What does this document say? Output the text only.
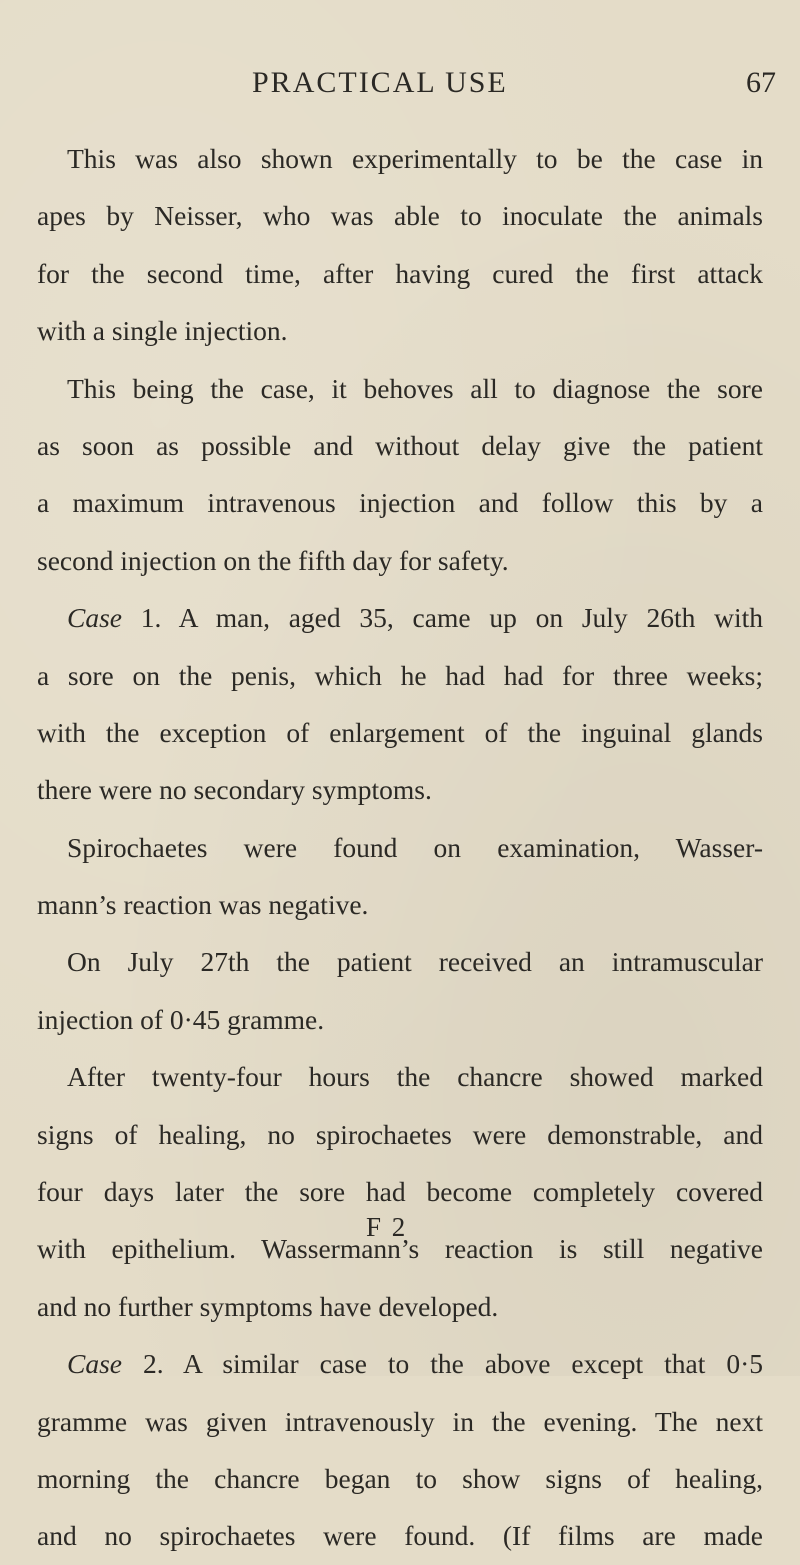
PRACTICAL USE	67
This was also shown experimentally to be the case in
apes by Neisser, who was able to inoculate the animals
for the second time, after having cured the first attack
with a single injection.
This being the case, it behoves all to diagnose the sore
as soon as possible and without delay give the patient
a maximum intravenous injection and follow this by a
second injection on the fifth day for safety.
Case 1. A man, aged 35, came up on July 26th with
a sore on the penis, which he had had for three weeks;
with the exception of enlargement of the inguinal glands
there were no secondary symptoms.
Spirochaetes were found on examination, Wasser-
mann’s reaction was negative.
On July 27th the patient received an intramuscular
injection of 0·45 gramme.
After twenty-four hours the chancre showed marked
signs of healing, no spirochaetes were demonstrable, and
four days later the sore had become completely covered
with epithelium. Wassermann’s reaction is still negative
and no further symptoms have developed.
Case 2. A similar case to the above except that 0·5
gramme was given intravenously in the evening. The next
morning the chancre began to show signs of healing,
and no spirochaetes were found. (If films are made
F 2
